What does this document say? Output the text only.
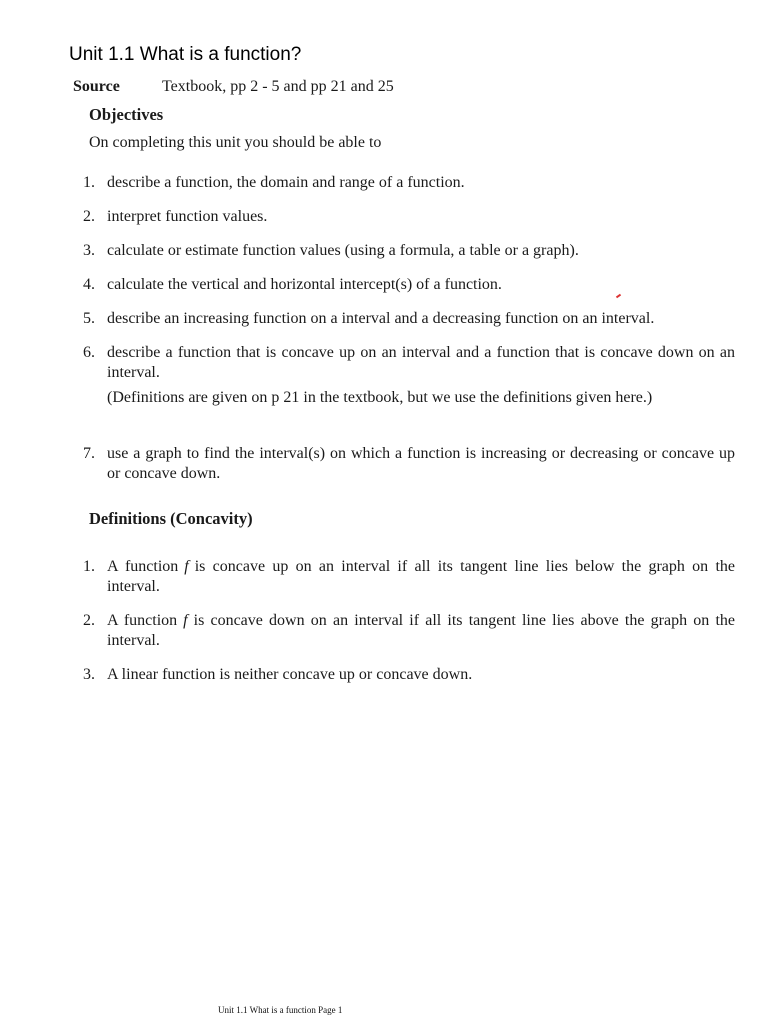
Unit 1.1 What is a function?
Source	Textbook, pp 2 - 5 and pp 21 and 25
Objectives
On completing this unit you should be able to
1. describe a function, the domain and range of a function.
2. interpret function values.
3. calculate or estimate function values (using a formula, a table or a graph).
4. calculate the vertical and horizontal intercept(s) of a function.
5. describe an increasing function on a interval and a decreasing function on an interval.
6. describe a function that is concave up on an interval and a function that is concave down on an interval.
(Definitions are given on p 21 in the textbook, but we use the definitions given here.)
7. use a graph to find the interval(s) on which a function is increasing or decreasing or concave up or concave down.
Definitions (Concavity)
1. A function f is concave up on an interval if all its tangent line lies below the graph on the interval.
2. A function f is concave down on an interval if all its tangent line lies above the graph on the interval.
3. A linear function is neither concave up or concave down.
Unit 1.1 What is a function Page 1
